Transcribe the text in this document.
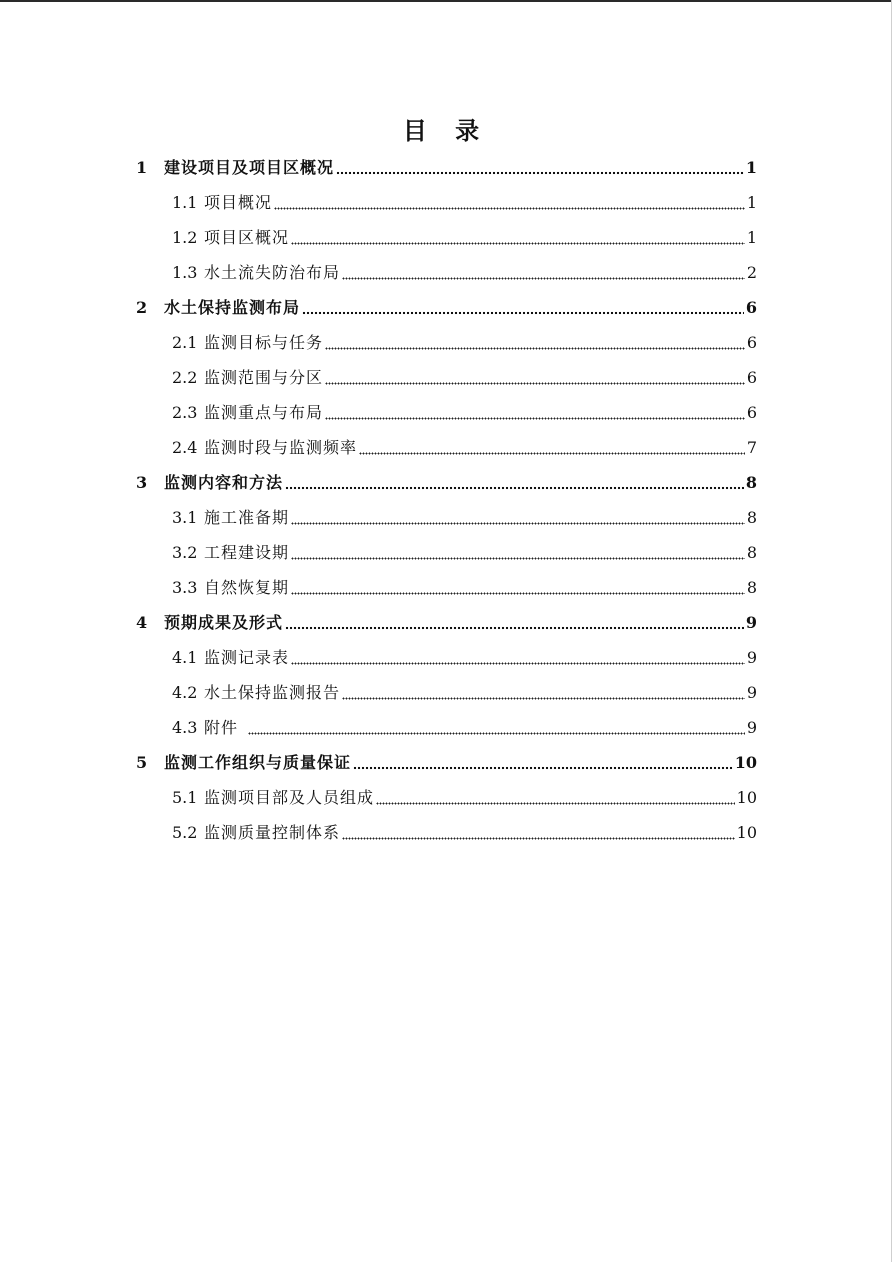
目 录
1	建设项目及项目区概况	1
1.1 项目概况	1
1.2 项目区概况	1
1.3 水土流失防治布局	2
2	水土保持监测布局	6
2.1 监测目标与任务	6
2.2 监测范围与分区	6
2.3 监测重点与布局	6
2.4 监测时段与监测频率	7
3	监测内容和方法	8
3.1 施工准备期	8
3.2 工程建设期	8
3.3 自然恢复期	8
4	预期成果及形式	9
4.1 监测记录表	9
4.2 水土保持监测报告	9
4.3 附件	9
5	监测工作组织与质量保证	10
5.1 监测项目部及人员组成	10
5.2 监测质量控制体系	10
